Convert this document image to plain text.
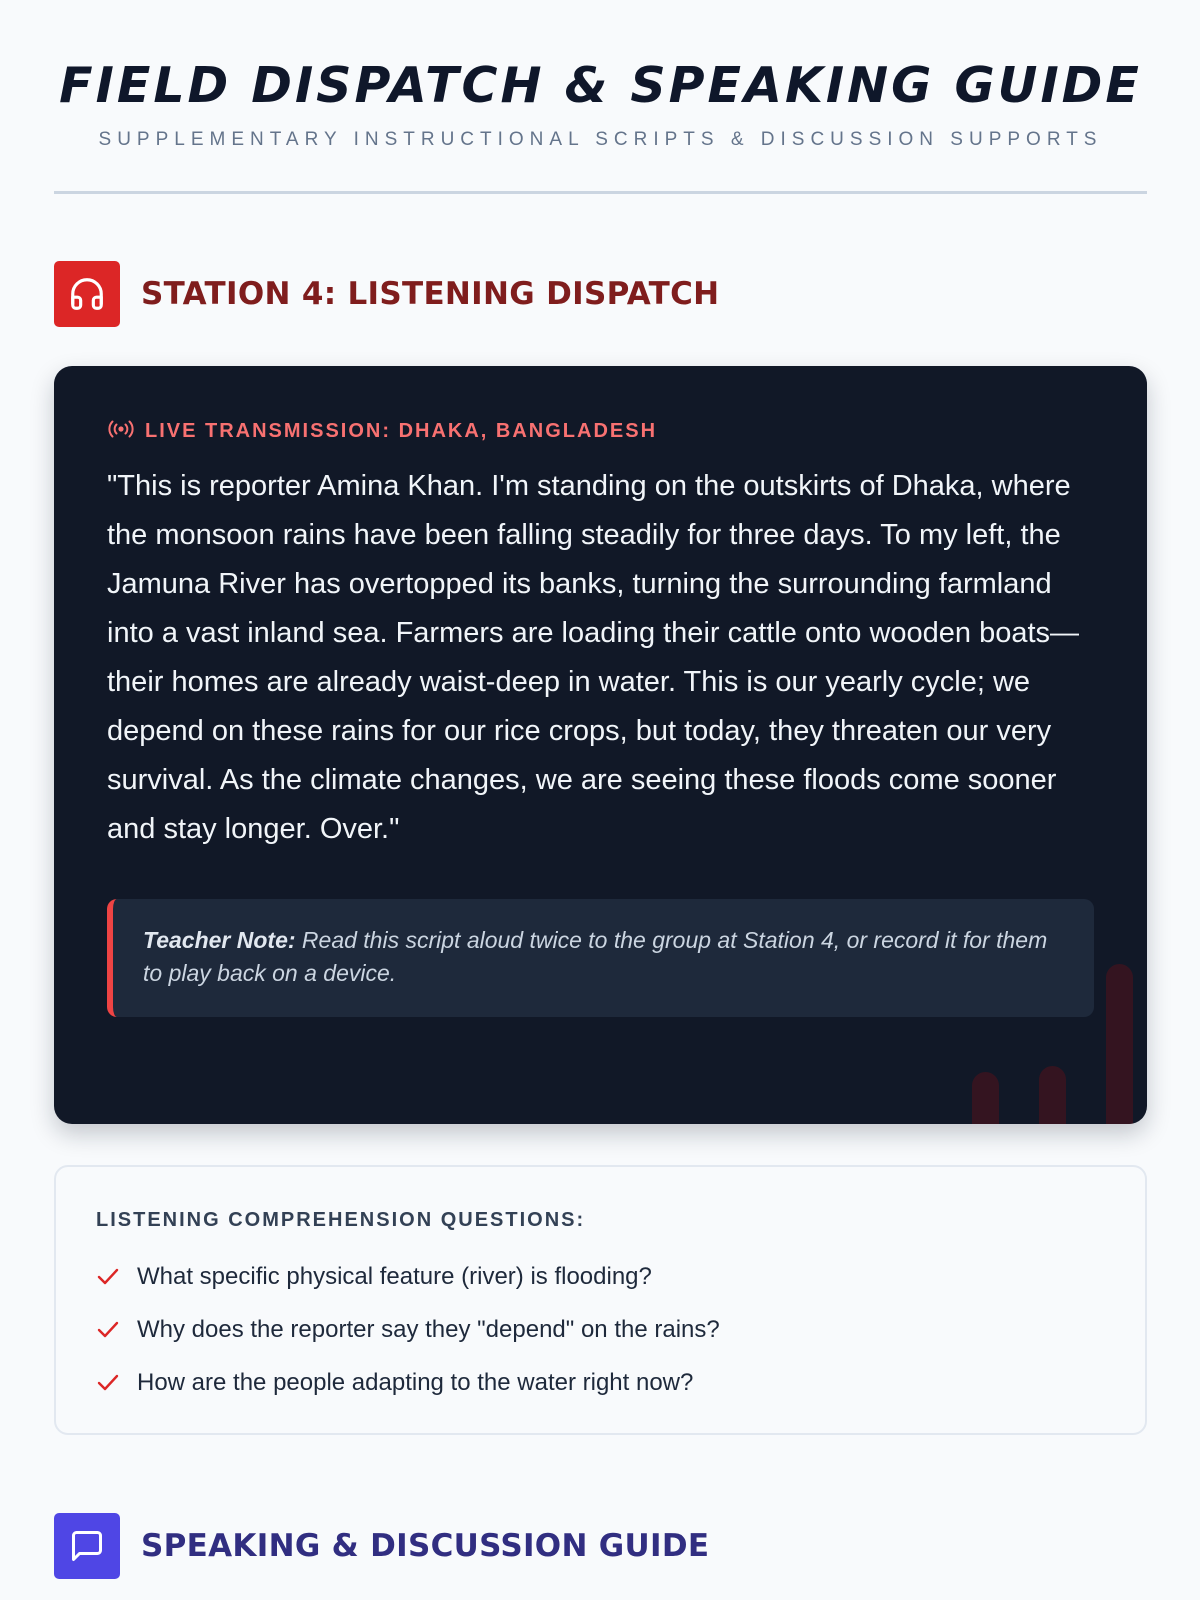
FIELD DISPATCH & SPEAKING GUIDE
SUPPLEMENTARY INSTRUCTIONAL SCRIPTS & DISCUSSION SUPPORTS
STATION 4: LISTENING DISPATCH
LIVE TRANSMISSION: DHAKA, BANGLADESH

"This is reporter Amina Khan. I'm standing on the outskirts of Dhaka, where the monsoon rains have been falling steadily for three days. To my left, the Jamuna River has overtopped its banks, turning the surrounding farmland into a vast inland sea. Farmers are loading their cattle onto wooden boats—their homes are already waist-deep in water. This is our yearly cycle; we depend on these rains for our rice crops, but today, they threaten our very survival. As the climate changes, we are seeing these floods come sooner and stay longer. Over."

Teacher Note: Read this script aloud twice to the group at Station 4, or record it for them to play back on a device.
LISTENING COMPREHENSION QUESTIONS:
What specific physical feature (river) is flooding?
Why does the reporter say they "depend" on the rains?
How are the people adapting to the water right now?
SPEAKING & DISCUSSION GUIDE
